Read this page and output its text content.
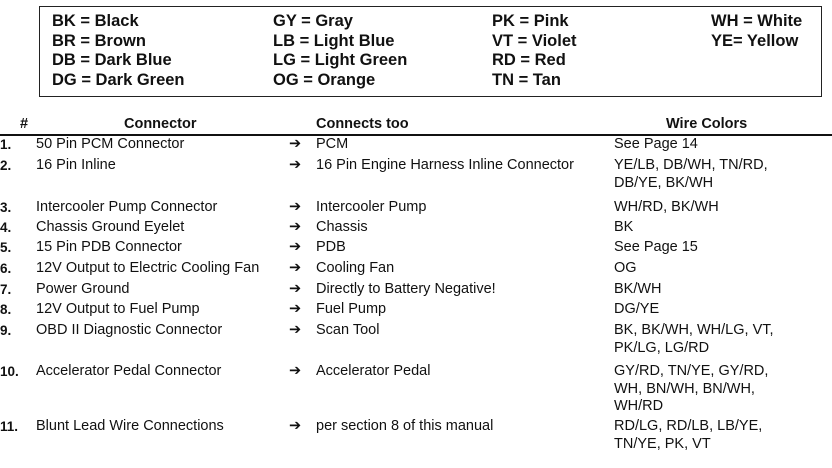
BK = Black
BR = Brown
DB = Dark Blue
DG = Dark Green
GY = Gray
LB = Light Blue
LG = Light Green
OG = Orange
PK = Pink
VT = Violet
RD = Red
TN = Tan
WH = White
YE= Yellow
#	Connector	Connects too	Wire Colors
1. 50 Pin PCM Connector	➔ PCM	See Page 14
2. 16 Pin Inline	➔ 16 Pin Engine Harness Inline Connector	YE/LB, DB/WH, TN/RD,
DB/YE, BK/WH
3. Intercooler Pump Connector	➔ Intercooler Pump	WH/RD, BK/WH
4. Chassis Ground Eyelet	➔ Chassis	BK
5. 15 Pin PDB Connector	➔ PDB	See Page 15
6. 12V Output to Electric Cooling Fan ➔ Cooling Fan	OG
7. Power Ground	➔ Directly to Battery Negative!	BK/WH
8. 12V Output to Fuel Pump	➔ Fuel Pump	DG/YE
9. OBD II Diagnostic Connector	➔ Scan Tool	BK, BK/WH, WH/LG, VT,
PK/LG, LG/RD
10. Accelerator Pedal Connector	➔ Accelerator Pedal	GY/RD, TN/YE, GY/RD,
WH, BN/WH, BN/WH,
WH/RD
11. Blunt Lead Wire Connections	➔ per section 8 of this manual	RD/LG, RD/LB, LB/YE,
TN/YE, PK, VT
